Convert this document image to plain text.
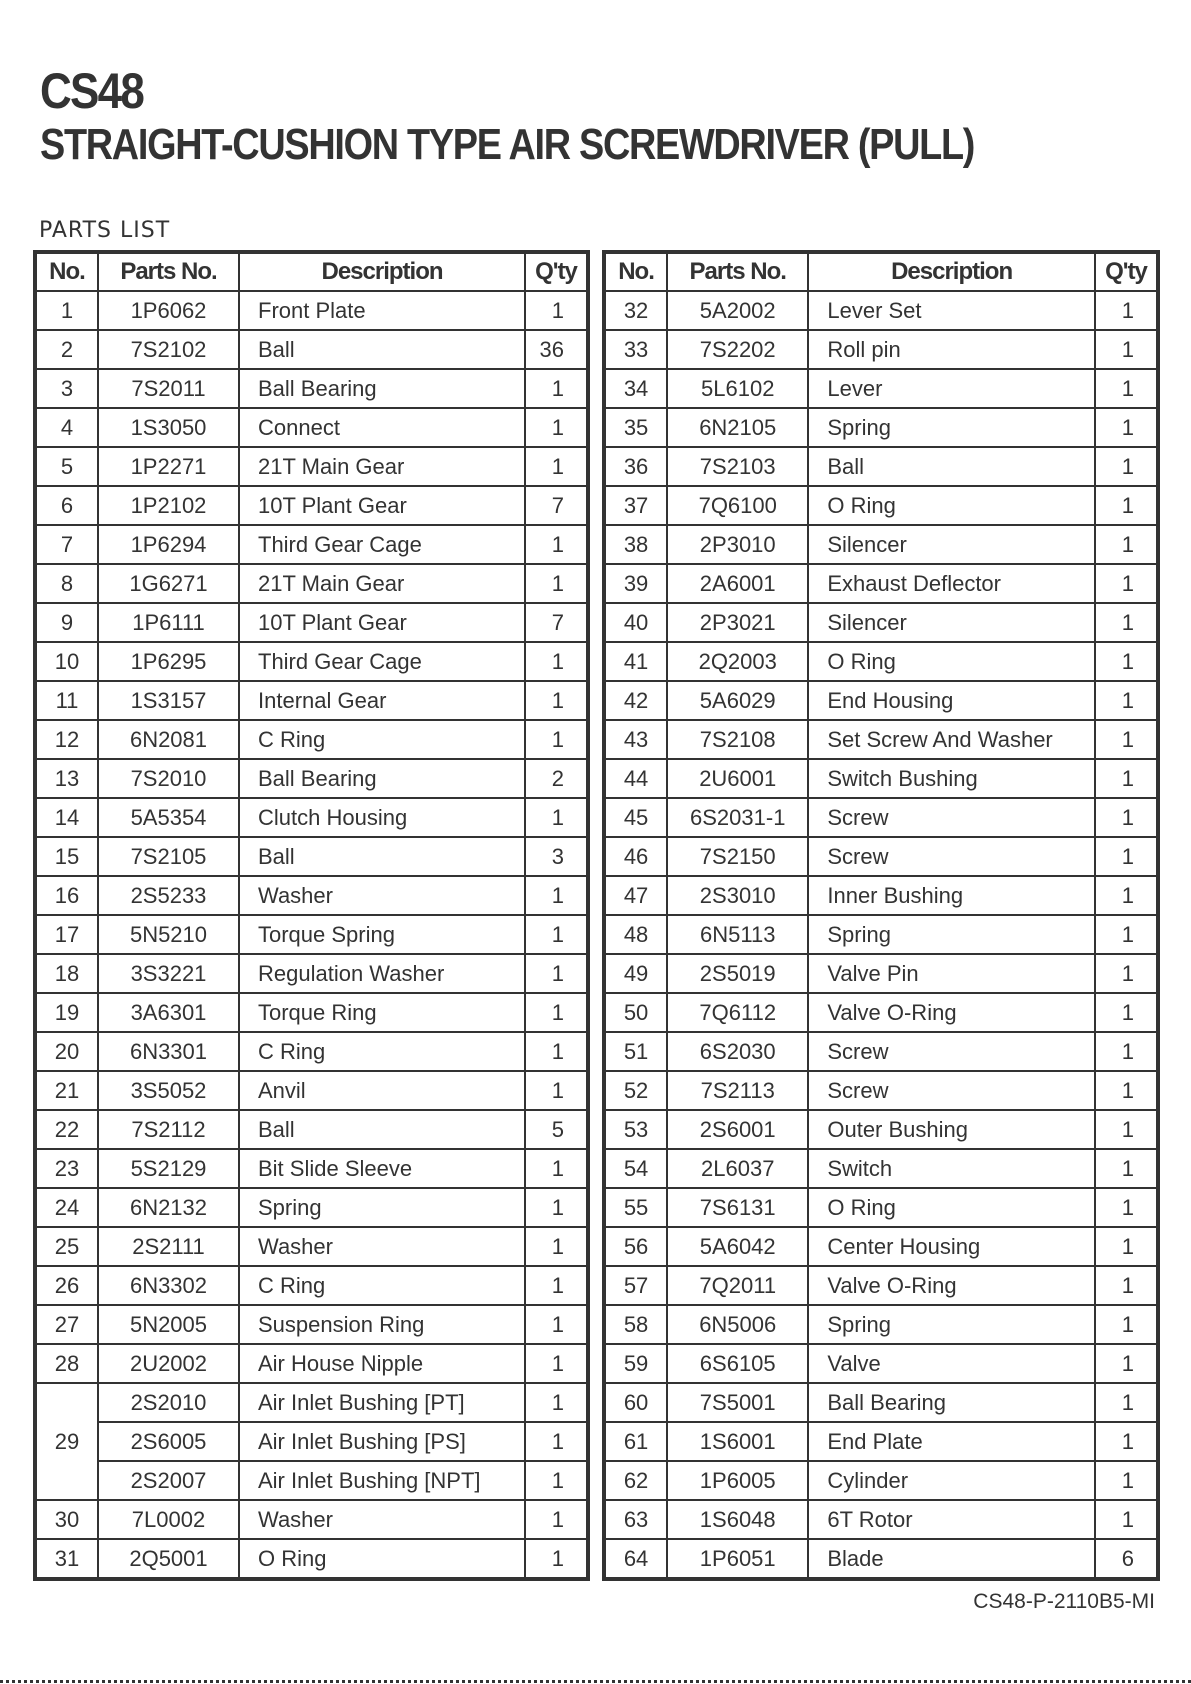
CS48
STRAIGHT-CUSHION TYPE AIR SCREWDRIVER (PULL)
PARTS LIST
No.	Parts No.	Description	Q'ty
1	1P6062	Front Plate	1
2	7S2102	Ball	36
3	7S2011	Ball Bearing	1
4	1S3050	Connect	1
5	1P2271	21T Main Gear	1
6	1P2102	10T Plant Gear	7
7	1P6294	Third Gear Cage	1
8	1G6271	21T Main Gear	1
9	1P6111	10T Plant Gear	7
10	1P6295	Third Gear Cage	1
11	1S3157	Internal Gear	1
12	6N2081	C Ring	1
13	7S2010	Ball Bearing	2
14	5A5354	Clutch Housing	1
15	7S2105	Ball	3
16	2S5233	Washer	1
17	5N5210	Torque Spring	1
18	3S3221	Regulation Washer	1
19	3A6301	Torque Ring	1
20	6N3301	C Ring	1
21	3S5052	Anvil	1
22	7S2112	Ball	5
23	5S2129	Bit Slide Sleeve	1
24	6N2132	Spring	1
25	2S2111	Washer	1
26	6N3302	C Ring	1
27	5N2005	Suspension Ring	1
28	2U2002	Air House Nipple	1
29	2S2010	Air Inlet Bushing [PT]	1
	2S6005	Air Inlet Bushing [PS]	1
	2S2007	Air Inlet Bushing [NPT]	1
30	7L0002	Washer	1
31	2Q5001	O Ring	1
No.	Parts No.	Description	Q'ty
32	5A2002	Lever Set	1
33	7S2202	Roll pin	1
34	5L6102	Lever	1
35	6N2105	Spring	1
36	7S2103	Ball	1
37	7Q6100	O Ring	1
38	2P3010	Silencer	1
39	2A6001	Exhaust Deflector	1
40	2P3021	Silencer	1
41	2Q2003	O Ring	1
42	5A6029	End Housing	1
43	7S2108	Set Screw And Washer	1
44	2U6001	Switch Bushing	1
45	6S2031-1	Screw	1
46	7S2150	Screw	1
47	2S3010	Inner Bushing	1
48	6N5113	Spring	1
49	2S5019	Valve Pin	1
50	7Q6112	Valve O-Ring	1
51	6S2030	Screw	1
52	7S2113	Screw	1
53	2S6001	Outer Bushing	1
54	2L6037	Switch	1
55	7S6131	O Ring	1
56	5A6042	Center Housing	1
57	7Q2011	Valve O-Ring	1
58	6N5006	Spring	1
59	6S6105	Valve	1
60	7S5001	Ball Bearing	1
61	1S6001	End Plate	1
62	1P6005	Cylinder	1
63	1S6048	6T Rotor	1
64	1P6051	Blade	6
CS48-P-2110B5-MI
